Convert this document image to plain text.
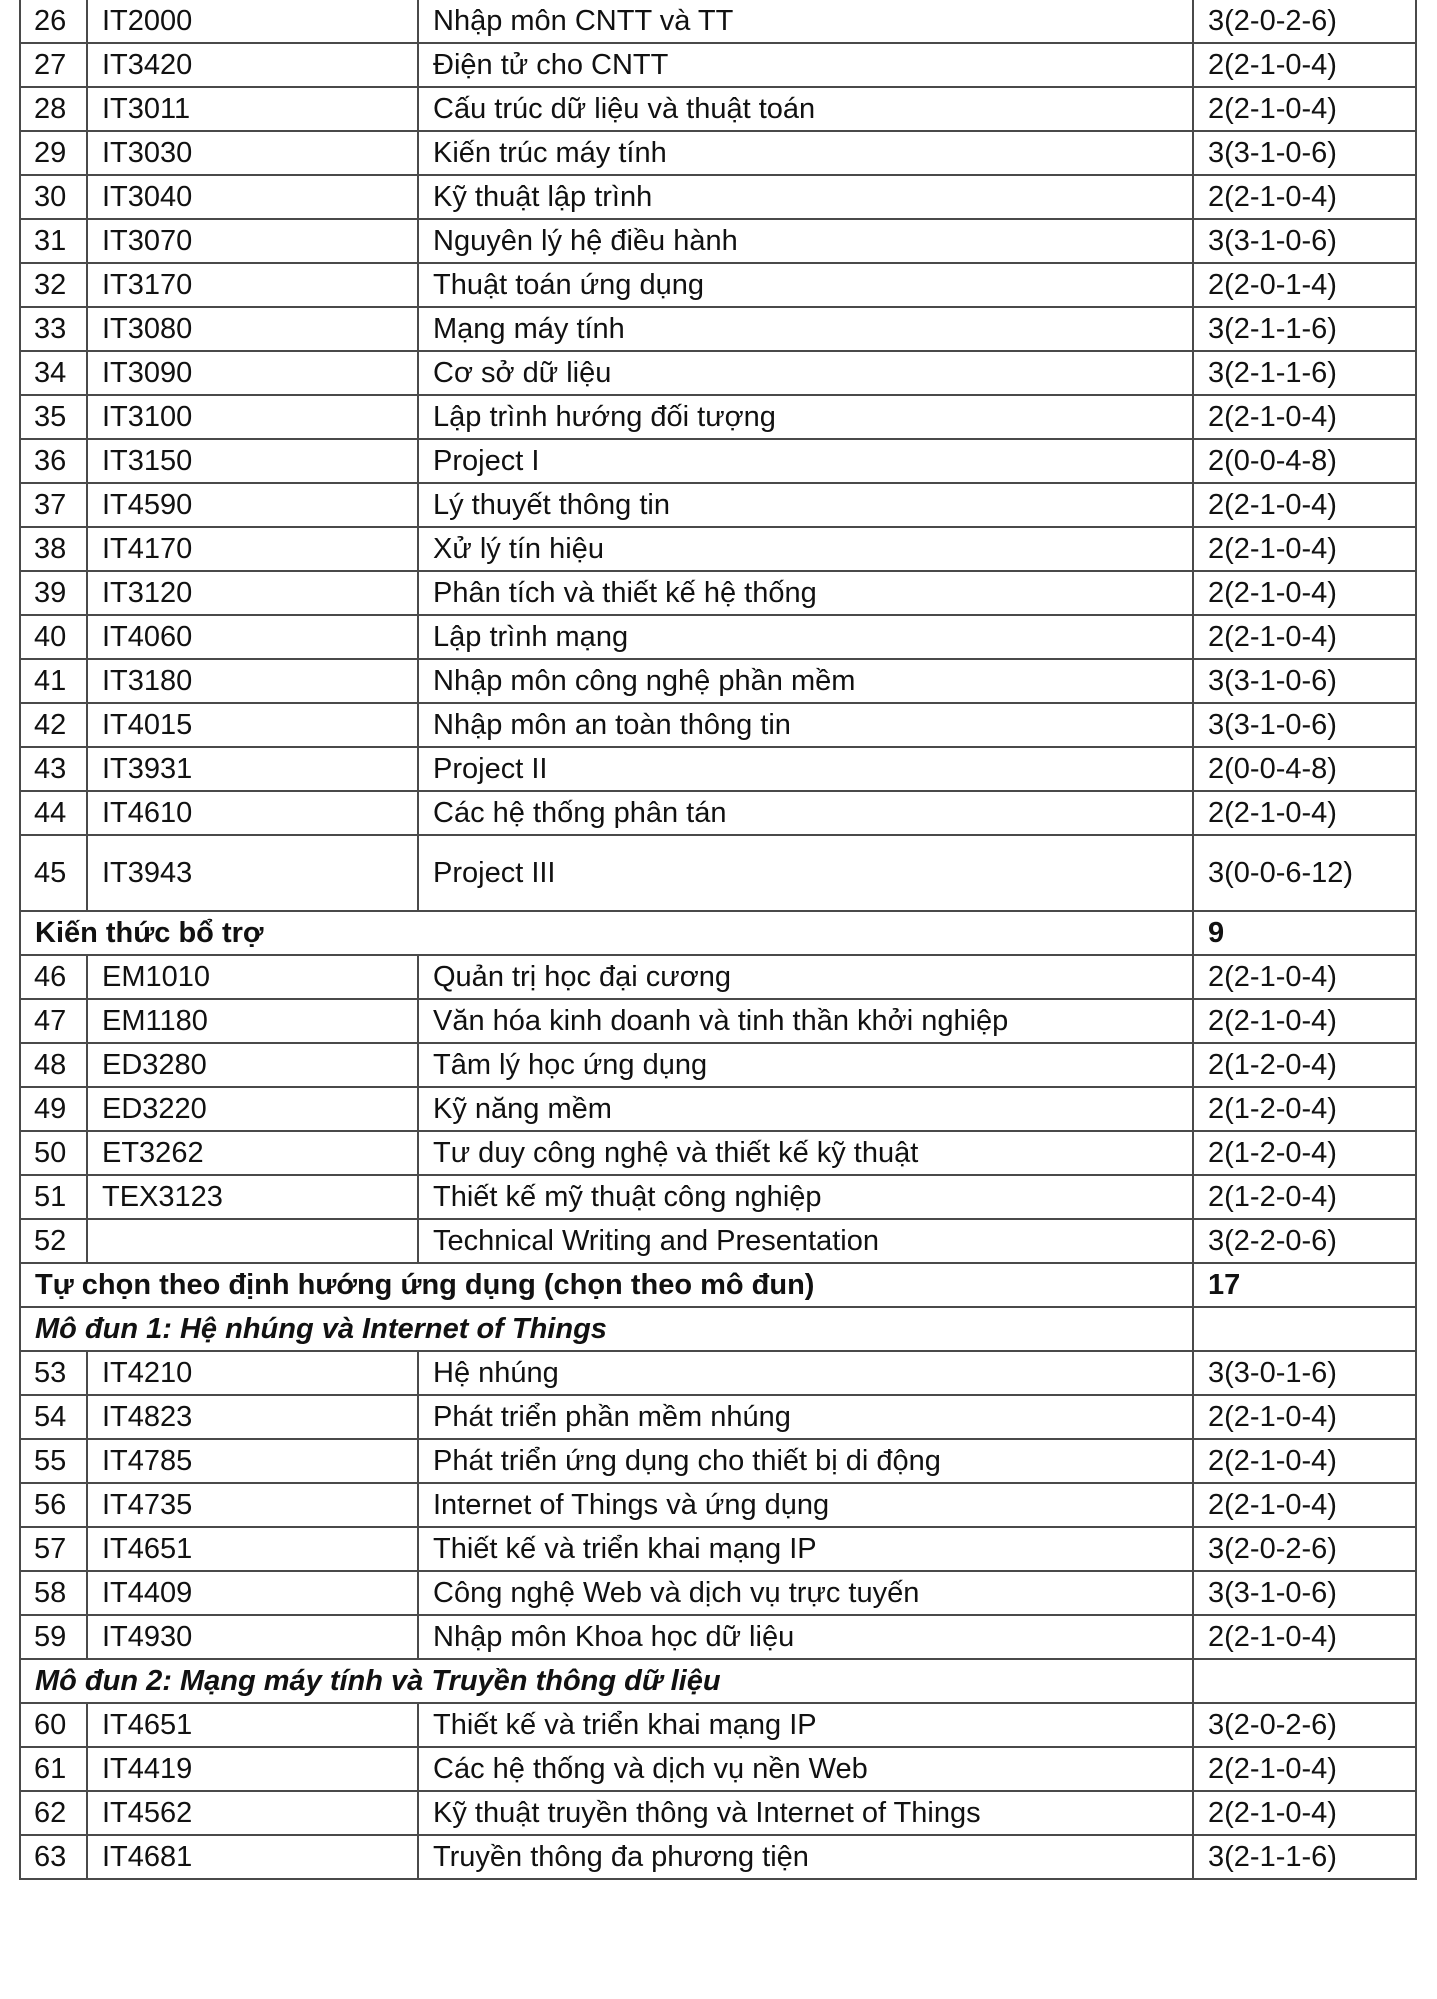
26	IT2000	Nhập môn CNTT và TT	3(2-0-2-6)
27	IT3420	Điện tử cho CNTT	2(2-1-0-4)
28	IT3011	Cấu trúc dữ liệu và thuật toán	2(2-1-0-4)
29	IT3030	Kiến trúc máy tính	3(3-1-0-6)
30	IT3040	Kỹ thuật lập trình	2(2-1-0-4)
31	IT3070	Nguyên lý hệ điều hành	3(3-1-0-6)
32	IT3170	Thuật toán ứng dụng	2(2-0-1-4)
33	IT3080	Mạng máy tính	3(2-1-1-6)
34	IT3090	Cơ sở dữ liệu	3(2-1-1-6)
35	IT3100	Lập trình hướng đối tượng	2(2-1-0-4)
36	IT3150	Project I	2(0-0-4-8)
37	IT4590	Lý thuyết thông tin	2(2-1-0-4)
38	IT4170	Xử lý tín hiệu	2(2-1-0-4)
39	IT3120	Phân tích và thiết kế hệ thống	2(2-1-0-4)
40	IT4060	Lập trình mạng	2(2-1-0-4)
41	IT3180	Nhập môn công nghệ phần mềm	3(3-1-0-6)
42	IT4015	Nhập môn an toàn thông tin	3(3-1-0-6)
43	IT3931	Project II	2(0-0-4-8)
44	IT4610	Các hệ thống phân tán	2(2-1-0-4)
45	IT3943	Project III	3(0-0-6-12)
Kiến thức bổ trợ			9
46	EM1010	Quản trị học đại cương	2(2-1-0-4)
47	EM1180	Văn hóa kinh doanh và tinh thần khởi nghiệp	2(2-1-0-4)
48	ED3280	Tâm lý học ứng dụng	2(1-2-0-4)
49	ED3220	Kỹ năng mềm	2(1-2-0-4)
50	ET3262	Tư duy công nghệ và thiết kế kỹ thuật	2(1-2-0-4)
51	TEX3123	Thiết kế mỹ thuật công nghiệp	2(1-2-0-4)
52		Technical Writing and Presentation	3(2-2-0-6)
Tự chọn theo định hướng ứng dụng (chọn theo mô đun)			17
Mô đun 1: Hệ nhúng và Internet of Things			
53	IT4210	Hệ nhúng	3(3-0-1-6)
54	IT4823	Phát triển phần mềm nhúng	2(2-1-0-4)
55	IT4785	Phát triển ứng dụng cho thiết bị di động	2(2-1-0-4)
56	IT4735	Internet of Things và ứng dụng	2(2-1-0-4)
57	IT4651	Thiết kế và triển khai mạng IP	3(2-0-2-6)
58	IT4409	Công nghệ Web và dịch vụ trực tuyến	3(3-1-0-6)
59	IT4930	Nhập môn Khoa học dữ liệu	2(2-1-0-4)
Mô đun 2: Mạng máy tính và Truyền thông dữ liệu			
60	IT4651	Thiết kế và triển khai mạng IP	3(2-0-2-6)
61	IT4419	Các hệ thống và dịch vụ nền Web	2(2-1-0-4)
62	IT4562	Kỹ thuật truyền thông và Internet of Things	2(2-1-0-4)
63	IT4681	Truyền thông đa phương tiện	3(2-1-1-6)
